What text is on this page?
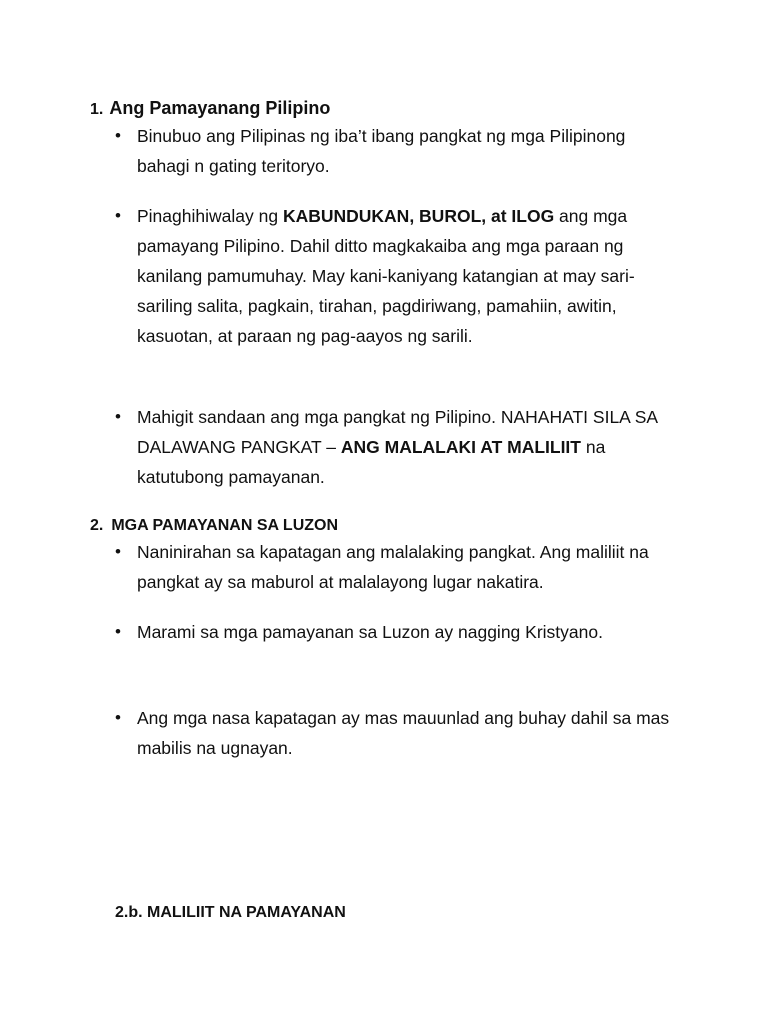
1. Ang Pamayanang Pilipino
• Binubuo ang Pilipinas ng iba’t ibang pangkat ng mga Pilipinong bahagi n gating teritoryo.
• Pinaghihiwalay ng KABUNDUKAN, BUROL, at ILOG ang mga pamayang Pilipino. Dahil ditto magkakaiba ang mga paraan ng kanilang pamumuhay. May kani-kaniyang katangian at may sari-sariling salita, pagkain, tirahan, pagdiriwang, pamahiin, awitin, kasuotan, at paraan ng pag-aayos ng sarili.
• Mahigit sandaan ang mga pangkat ng Pilipino. NAHAHATI SILA SA DALAWANG PANGKAT – ANG MALALAKI AT MALILIIT na katutubong pamayanan.
2. MGA PAMAYANAN SA LUZON
• Naninirahan sa kapatagan ang malalaking pangkat. Ang maliliit na pangkat ay sa maburol at malalayong lugar nakatira.
• Marami sa mga pamayanan sa Luzon ay nagging Kristyano.
• Ang mga nasa kapatagan ay mas mauunlad ang buhay dahil sa mas mabilis na ugnayan.
2.b. MALILIIT NA PAMAYANAN
